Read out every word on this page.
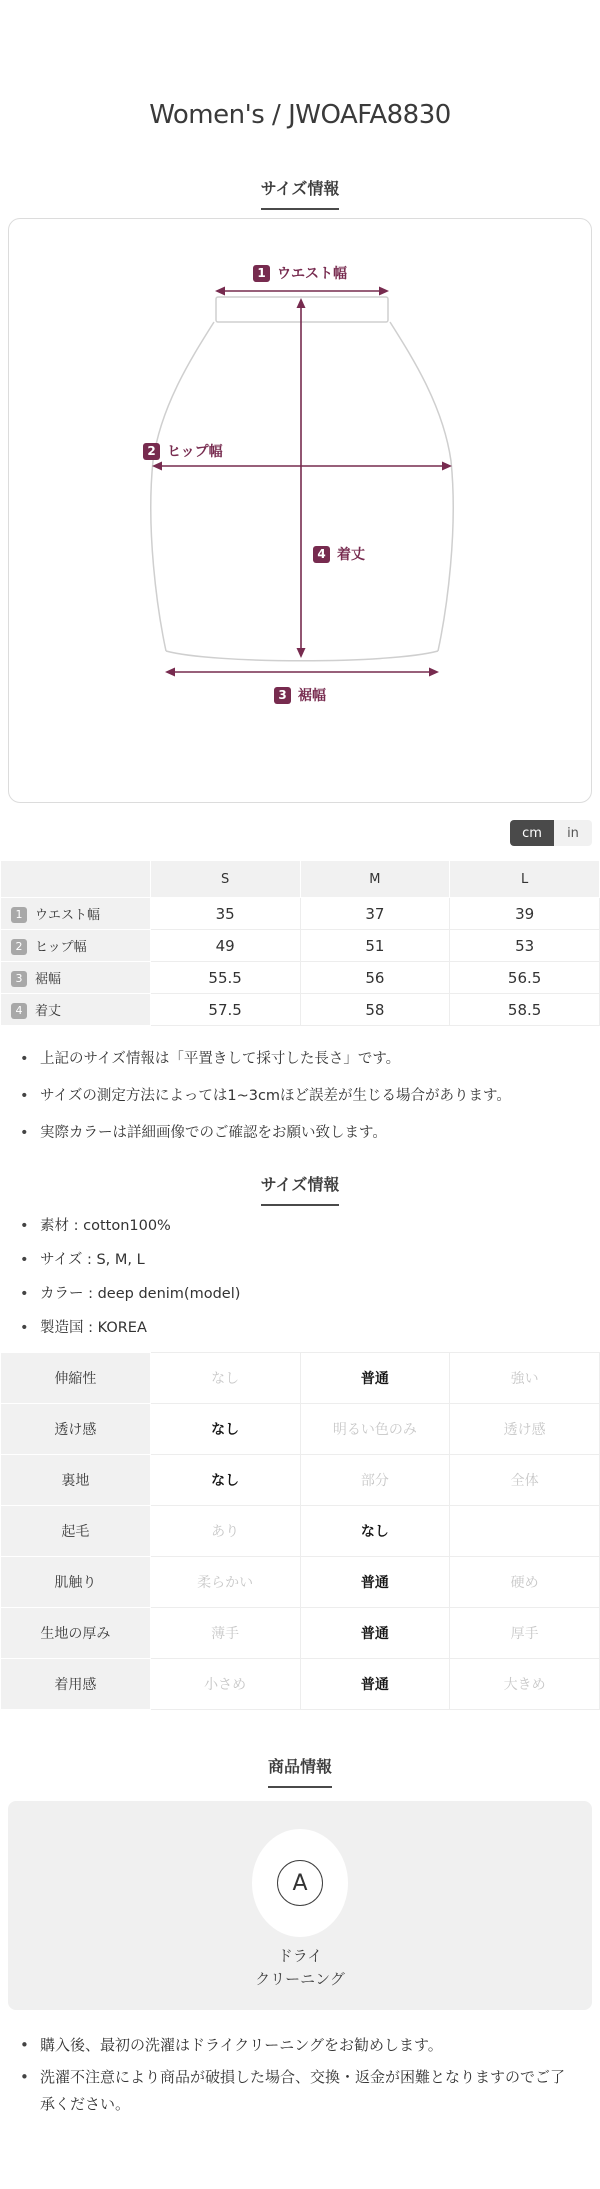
Women's / JWOAFA8830
サイズ情報
1 ウエスト幅
2 ヒップ幅
4 着丈
3 裾幅
cm	in
	S	M	L
1 ウエスト幅	35	37	39
2 ヒップ幅	49	51	53
3 裾幅	55.5	56	56.5
4 着丈	57.5	58	58.5
• 上記のサイズ情報は「平置きして採寸した長さ」です。
• サイズの測定方法によっては1~3cmほど誤差が生じる場合があります。
• 実際カラーは詳細画像でのご確認をお願い致します。
サイズ情報
• 素材 : cotton100%
• サイズ : S, M, L
• カラー : deep denim(model)
• 製造国 : KOREA
伸縮性	なし	普通	強い
透け感	なし	明るい色のみ	透け感
裏地	なし	部分	全体
起毛	あり	なし	
肌触り	柔らかい	普通	硬め
生地の厚み	薄手	普通	厚手
着用感	小さめ	普通	大きめ
商品情報
A
ドライ
クリーニング
• 購入後、最初の洗濯はドライクリーニングをお勧めします。
• 洗濯不注意により商品が破損した場合、交換・返金が困難となりますのでご了承ください。
